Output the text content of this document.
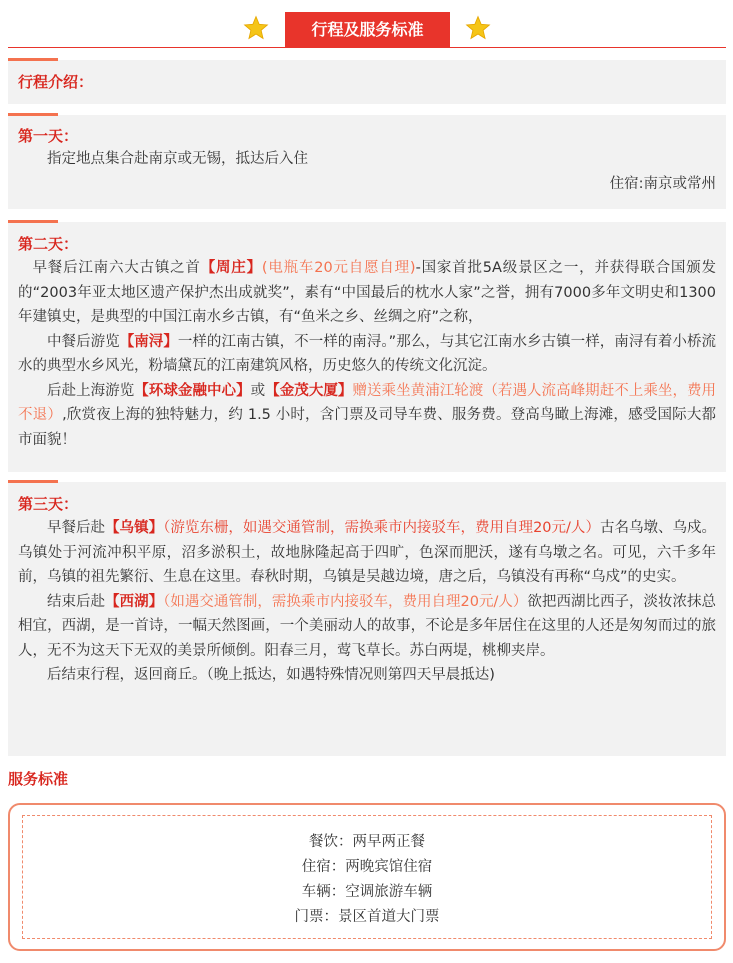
行程及服务标准
行程介绍：
第一天：
指定地点集合赴南京或无锡，抵达后入住
住宿:南京或常州
第二天：
早餐后江南六大古镇之首【周庄】(电瓶车20元自愿自理)-国家首批5A级景区之一，并获得联合国颁发的“2003年亚太地区遗产保护杰出成就奖”，素有“中国最后的枕水人家”之誉，拥有7000多年文明史和1300年建镇史，是典型的中国江南水乡古镇，有“鱼米之乡、丝绸之府”之称，
中餐后游览【南浔】一样的江南古镇，不一样的南浔。”那么，与其它江南水乡古镇一样，南浔有着小桥流水的典型水乡风光，粉墙黛瓦的江南建筑风格，历史悠久的传统文化沉淀。
后赴上海游览【环球金融中心】或【金茂大厦】赠送乘坐黄浦江轮渡（若遇人流高峰期赶不上乘坐，费用不退）,欣赏夜上海的独特魅力，约 1.5 小时，含门票及司导车费、服务费。登高鸟瞰上海滩，感受国际大都市面貌！
第三天：
早餐后赴【乌镇】（游览东栅，如遇交通管制，需换乘市内接驳车，费用自理20元/人）古名乌墩、乌戍。乌镇处于河流冲积平原，沼多淤积土，故地脉隆起高于四旷，色深而肥沃，遂有乌墩之名。可见，六千多年前，乌镇的祖先繁衍、生息在这里。春秋时期，乌镇是吴越边境，唐之后，乌镇没有再称“乌戍”的史实。
结束后赴【西湖】（如遇交通管制，需换乘市内接驳车，费用自理20元/人）欲把西湖比西子，淡妆浓抹总相宜，西湖，是一首诗，一幅天然图画，一个美丽动人的故事，不论是多年居住在这里的人还是匆匆而过的旅人，无不为这天下无双的美景所倾倒。阳春三月，莺飞草长。苏白两堤，桃柳夹岸。
后结束行程，返回商丘。（晚上抵达，如遇特殊情况则第四天早晨抵达)
服务标准
餐饮：两早两正餐
住宿：两晚宾馆住宿
车辆：空调旅游车辆
门票：景区首道大门票
